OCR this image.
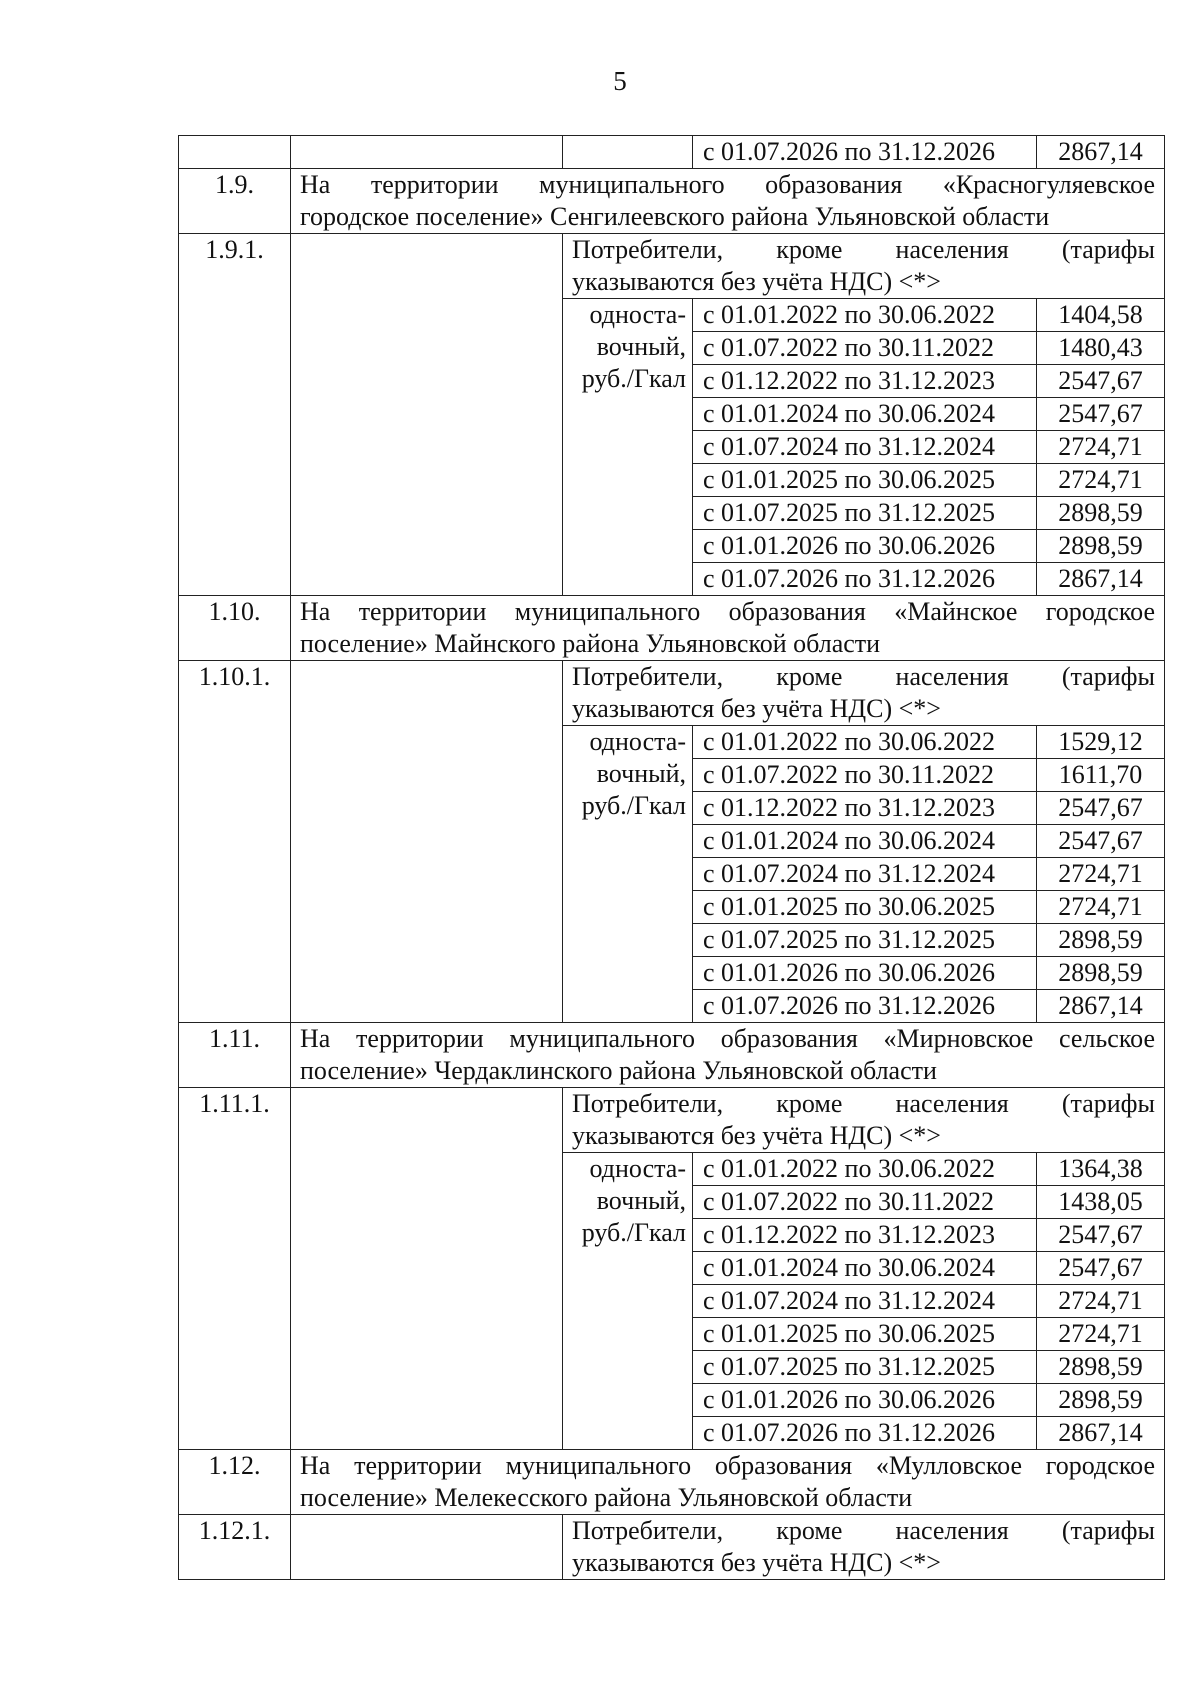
5
			с 01.07.2026 по 31.12.2026	2867,14
1.9.	На территории муниципального образования «Красногуляевское
городское поселение» Сенгилеевского района Ульяновской области			

1.9.1.		Потребители, кроме населения (тарифы
указываются без учёта НДС) <*>		

		односта-
вочный,
руб./Гкал	с 01.01.2022 по 30.06.2022	1404,58
			с 01.07.2022 по 30.11.2022	1480,43
			с 01.12.2022 по 31.12.2023	2547,67
			с 01.01.2024 по 30.06.2024	2547,67
			с 01.07.2024 по 31.12.2024	2724,71
			с 01.01.2025 по 30.06.2025	2724,71
			с 01.07.2025 по 31.12.2025	2898,59
			с 01.01.2026 по 30.06.2026	2898,59
			с 01.07.2026 по 31.12.2026	2867,14
1.10.	На территории муниципального образования «Майнское городское
поселение» Майнского района Ульяновской области			

1.10.1.		Потребители, кроме населения (тарифы
указываются без учёта НДС) <*>		

		односта-
вочный,
руб./Гкал	с 01.01.2022 по 30.06.2022	1529,12
			с 01.07.2022 по 30.11.2022	1611,70
			с 01.12.2022 по 31.12.2023	2547,67
			с 01.01.2024 по 30.06.2024	2547,67
			с 01.07.2024 по 31.12.2024	2724,71
			с 01.01.2025 по 30.06.2025	2724,71
			с 01.07.2025 по 31.12.2025	2898,59
			с 01.01.2026 по 30.06.2026	2898,59
			с 01.07.2026 по 31.12.2026	2867,14
1.11.	На территории муниципального образования «Мирновское сельское
поселение» Чердаклинского района Ульяновской области			

1.11.1.		Потребители, кроме населения (тарифы
указываются без учёта НДС) <*>		

		односта-
вочный,
руб./Гкал	с 01.01.2022 по 30.06.2022	1364,38
			с 01.07.2022 по 30.11.2022	1438,05
			с 01.12.2022 по 31.12.2023	2547,67
			с 01.01.2024 по 30.06.2024	2547,67
			с 01.07.2024 по 31.12.2024	2724,71
			с 01.01.2025 по 30.06.2025	2724,71
			с 01.07.2025 по 31.12.2025	2898,59
			с 01.01.2026 по 30.06.2026	2898,59
			с 01.07.2026 по 31.12.2026	2867,14
1.12.	На территории муниципального образования «Мулловское городское
поселение» Мелекесского района Ульяновской области			

1.12.1.		Потребители, кроме населения (тарифы
указываются без учёта НДС) <*>		
